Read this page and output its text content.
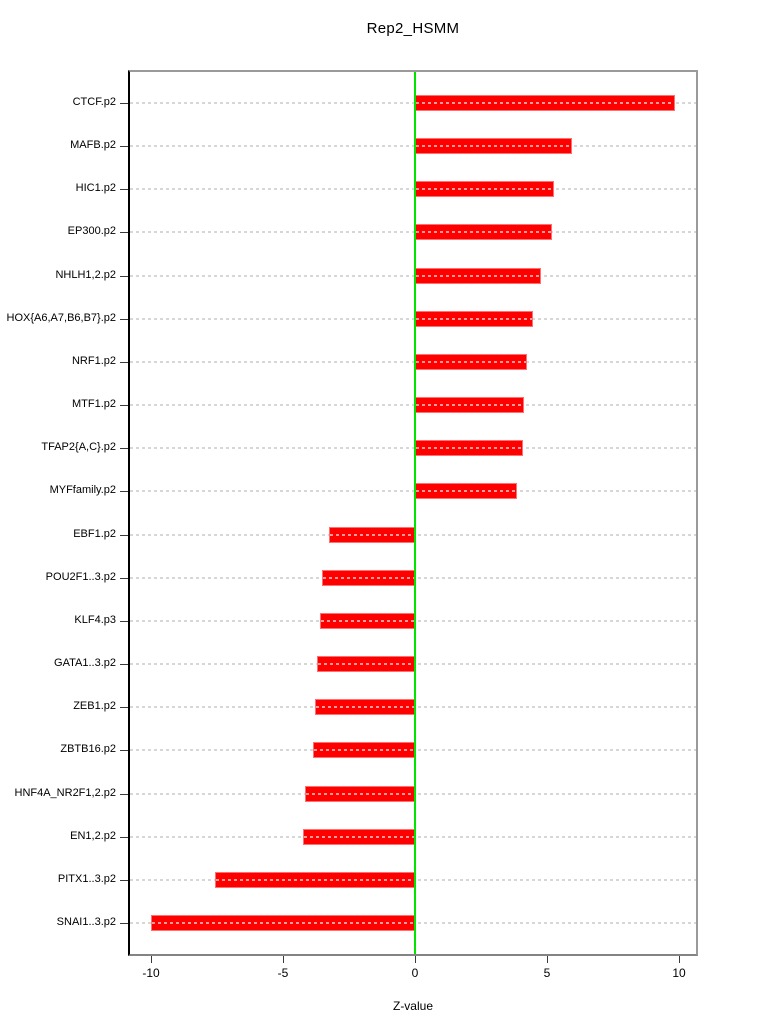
Rep2_HSMM
CTCF.p2
MAFB.p2
HIC1.p2
EP300.p2
NHLH1,2.p2
HOX{A6,A7,B6,B7}.p2
NRF1.p2
MTF1.p2
TFAP2{A,C}.p2
MYFfamily.p2
EBF1.p2
POU2F1..3.p2
KLF4.p3
GATA1..3.p2
ZEB1.p2
ZBTB16.p2
HNF4A_NR2F1,2.p2
EN1,2.p2
PITX1..3.p2
SNAI1..3.p2
-10	-5	0	5	10
Z-value
